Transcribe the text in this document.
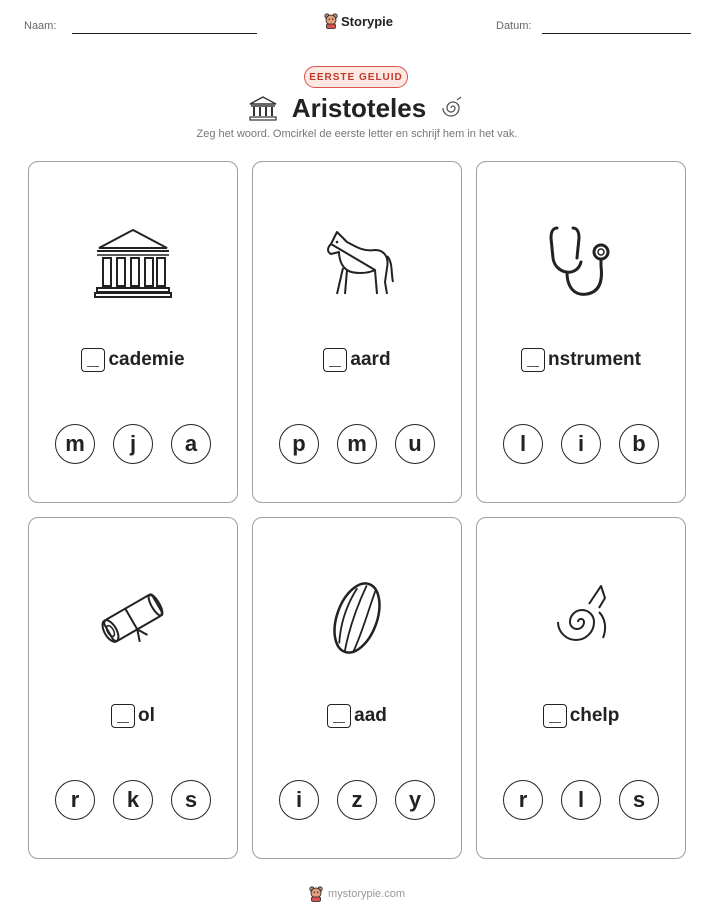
Naam:	Storypie	Datum:
EERSTE GELUID
Aristoteles
Zeg het woord. Omcirkel de eerste letter en schrijf hem in het vak.
cademie
m	j	a
aard
p	m	u
nstrument
l	i	b
ol
r	k	s
aad
i	z	y
chelp
r	l	s
mystorypie.com
